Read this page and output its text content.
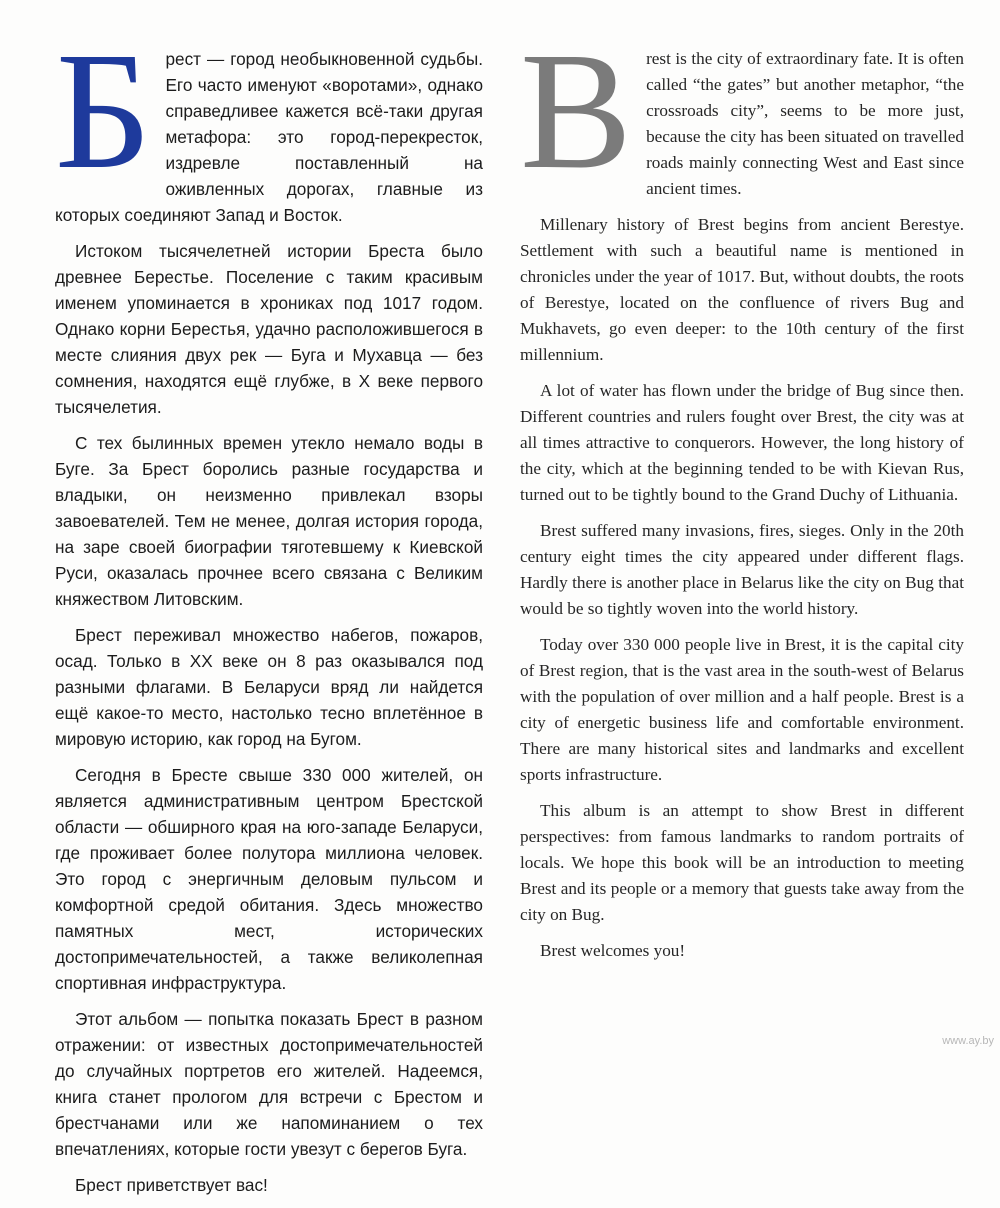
Брест — город необыкновенной судьбы. Его часто именуют «воротами», однако справедливее кажется всё-таки другая метафора: это город-перекресток, издревле поставленный на оживленных дорогах, главные из которых соединяют Запад и Восток.

Истоком тысячелетней истории Бреста было древнее Берестье. Поселение с таким красивым именем упоминается в хрониках под 1017 годом. Однако корни Берестья, удачно расположившегося в месте слияния двух рек — Буга и Мухавца — без сомнения, находятся ещё глубже, в X веке первого тысячелетия.

С тех былинных времен утекло немало воды в Буге. За Брест боролись разные государства и владыки, он неизменно привлекал взоры завоевателей. Тем не менее, долгая история города, на заре своей биографии тяготевшему к Киевской Руси, оказалась прочнее всего связана с Великим княжеством Литовским.

Брест переживал множество набегов, пожаров, осад. Только в XX веке он 8 раз оказывался под разными флагами. В Беларуси вряд ли найдется ещё какое-то место, настолько тесно вплетённое в мировую историю, как город на Бугом.

Сегодня в Бресте свыше 330 000 жителей, он является административным центром Брестской области — обширного края на юго-западе Беларуси, где проживает более полутора миллиона человек. Это город с энергичным деловым пульсом и комфортной средой обитания. Здесь множество памятных мест, исторических достопримечательностей, а также великолепная спортивная инфраструктура.

Этот альбом — попытка показать Брест в разном отражении: от известных достопримечательностей до случайных портретов его жителей. Надеемся, книга станет прологом для встречи с Брестом и брестчанами или же напоминанием о тех впечатлениях, которые гости увезут с берегов Буга.

Брест приветствует вас!

Brest is the city of extraordinary fate. It is often called “the gates” but another metaphor, “the crossroads city”, seems to be more just, because the city has been situated on travelled roads mainly connecting West and East since ancient times.

Millenary history of Brest begins from ancient Berestye. Settlement with such a beautiful name is mentioned in chronicles under the year of 1017. But, without doubts, the roots of Berestye, located on the confluence of rivers Bug and Mukhavets, go even deeper: to the 10th century of the first millennium.

A lot of water has flown under the bridge of Bug since then. Different countries and rulers fought over Brest, the city was at all times attractive to conquerors. However, the long history of the city, which at the beginning tended to be with Kievan Rus, turned out to be tightly bound to the Grand Duchy of Lithuania.

Brest suffered many invasions, fires, sieges. Only in the 20th century eight times the city appeared under different flags. Hardly there is another place in Belarus like the city on Bug that would be so tightly woven into the world history.

Today over 330 000 people live in Brest, it is the capital city of Brest region, that is the vast area in the south-west of Belarus with the population of over million and a half people. Brest is a city of energetic business life and comfortable environment. There are many historical sites and landmarks and excellent sports infrastructure.

This album is an attempt to show Brest in different perspectives: from famous landmarks to random portraits of locals. We hope this book will be an introduction to meeting Brest and its people or a memory that guests take away from the city on Bug.

Brest welcomes you!

www.ay.by
